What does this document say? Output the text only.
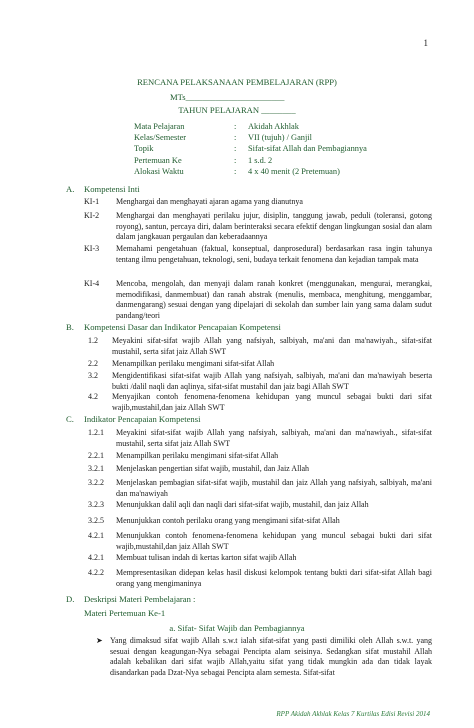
1
RENCANA PELAKSANAAN PEMBELAJARAN (RPP)
MTs_______________________
TAHUN PELAJARAN ________
Mata Pelajaran	:	Akidah Akhlak
Kelas/Semester	:	VII (tujuh) / Ganjil
Topik	:	Sifat-sifat Allah dan Pembagiannya
Pertemuan Ke	:	1 s.d. 2
Alokasi Waktu	:	4 x 40 menit (2 Pretemuan)
A. Kompetensi Inti
KI-1 Menghargai dan menghayati ajaran agama yang dianutnya
KI-2 Menghargai dan menghayati perilaku jujur, disiplin, tanggung jawab, peduli (toleransi, gotong royong), santun, percaya diri, dalam berinteraksi secara efektif dengan lingkungan sosial dan alam dalam jangkauan pergaulan dan keberadaannya
KI-3 Memahami pengetahuan (faktual, konseptual, danprosedural) berdasarkan rasa ingin tahunya tentang ilmu pengetahuan, teknologi, seni, budaya terkait fenomena dan kejadian tampak mata
KI-4 Mencoba, mengolah, dan menyaji dalam ranah konkret (menggunakan, mengurai, merangkai, memodifikasi, danmembuat) dan ranah abstrak (menulis, membaca, menghitung, menggambar, danmengarang) sesuai dengan yang dipelajari di sekolah dan sumber lain yang sama dalam sudut pandang/teori
B. Kompetensi Dasar dan Indikator Pencapaian Kompetensi
1.2 Meyakini sifat-sifat wajib Allah yang nafsiyah, salbiyah, ma'ani dan ma'nawiyah., sifat-sifat mustahil, serta sifat jaiz Allah SWT
2.2 Menampilkan perilaku mengimani sifat-sifat Allah
3.2 Mengidentifikasi sifat-sifat wajib Allah yang nafsiyah, salbiyah, ma'ani dan ma'nawiyah beserta bukti /dalil naqli dan aqlinya, sifat-sifat mustahil dan jaiz bagi Allah SWT
4.2 Menyajikan contoh fenomena-fenomena kehidupan yang muncul sebagai bukti dari sifat wajib,mustahil,dan jaiz Allah SWT
C. Indikator Pencapaian Kompetensi
1.2.1 Meyakini sifat-sifat wajib Allah yang nafsiyah, salbiyah, ma'ani dan ma'nawiyah., sifat-sifat mustahil, serta sifat jaiz Allah SWT
2.2.1 Menampilkan perilaku mengimani sifat-sifat Allah
3.2.1 Menjelaskan pengertian sifat wajib, mustahil, dan Jaiz Allah
3.2.2 Menjelaskan pembagian sifat-sifat wajib, mustahil dan jaiz Allah yang nafsiyah, salbiyah, ma'ani dan ma'nawiyah
3.2.3 Menunjukkan dalil aqli dan naqli dari sifat-sifat wajib, mustahil, dan jaiz Allah
3.2.5 Menunjukkan contoh perilaku orang yang mengimani sifat-sifat Allah
4.2.1 Menunjukkan contoh fenomena-fenomena kehidupan yang muncul sebagai bukti dari sifat wajib,mustahil,dan jaiz Allah SWT
4.2.1 Membuat tulisan indah di kertas karton sifat wajib Allah
4.2.2 Mempresentasikan didepan kelas hasil diskusi kelompok tentang bukti dari sifat-sifat Allah bagi orang yang mengimaninya
D. Deskripsi Materi Pembelajaran :
Materi Pertemuan Ke-1
a. Sifat- Sifat Wajib dan Pembagiannya
➤ Yang dimaksud sifat wajib Allah s.w.t ialah sifat-sifat yang pasti dimiliki oleh Allah s.w.t. yang sesuai dengan keagungan-Nya sebagai Pencipta alam seisinya. Sedangkan sifat mustahil Allah adalah kebalikan dari sifat wajib Allah,yaitu sifat yang tidak mungkin ada dan tidak layak disandarkan pada Dzat-Nya sebagai Pencipta alam semesta. Sifat-sifat
RPP Akidah Akhlak Kelas 7 Kurtilas Edisi Revisi 2014
